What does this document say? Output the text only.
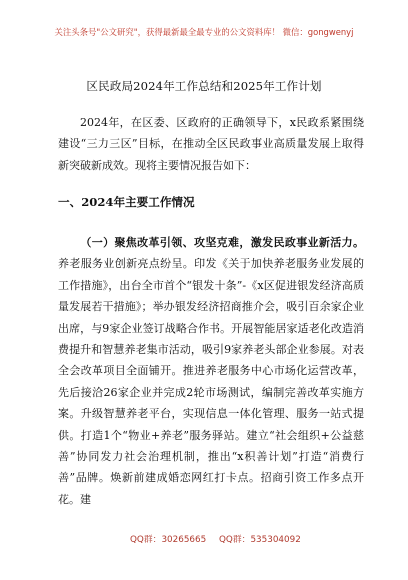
关注头条号"公文研究"，获得最新最全最专业的公文资料库！ 微信：gongwenyj
区民政局2024年工作总结和2025年工作计划
2024年，在区委、区政府的正确领导下，x民政系紧围绕建设“三力三区”目标，在推动全区民政事业高质量发展上取得新突破新成效。现将主要情况报告如下：
一、2024年主要工作情况
（一）聚焦改革引领、攻坚克难，激发民政事业新活力。养老服务业创新亮点纷呈。印发《关于加快养老服务业发展的工作措施》，出台全市首个“银发十条”-《x区促进银发经济高质量发展若干措施》；举办银发经济招商推介会，吸引百余家企业出席，与9家企业签订战略合作书。开展智能居家适老化改造消费提升和智慧养老集市活动，吸引9家养老头部企业参展。对表全会改革项目全面铺开。推进养老服务中心市场化运营改革，先后接洽26家企业并完成2轮市场测试，编制完善改革实施方案。升级智慧养老平台，实现信息一体化管理、服务一站式提供。打造1个“物业+养老”服务驿站。建立“社会组织+公益慈善”协同发力社会治理机制，推出“x积善计划”打造“消费行善”品牌。焕新前建成婚恋网红打卡点。招商引资工作多点开花。建
QQ群：30265665 QQ群：535304092
